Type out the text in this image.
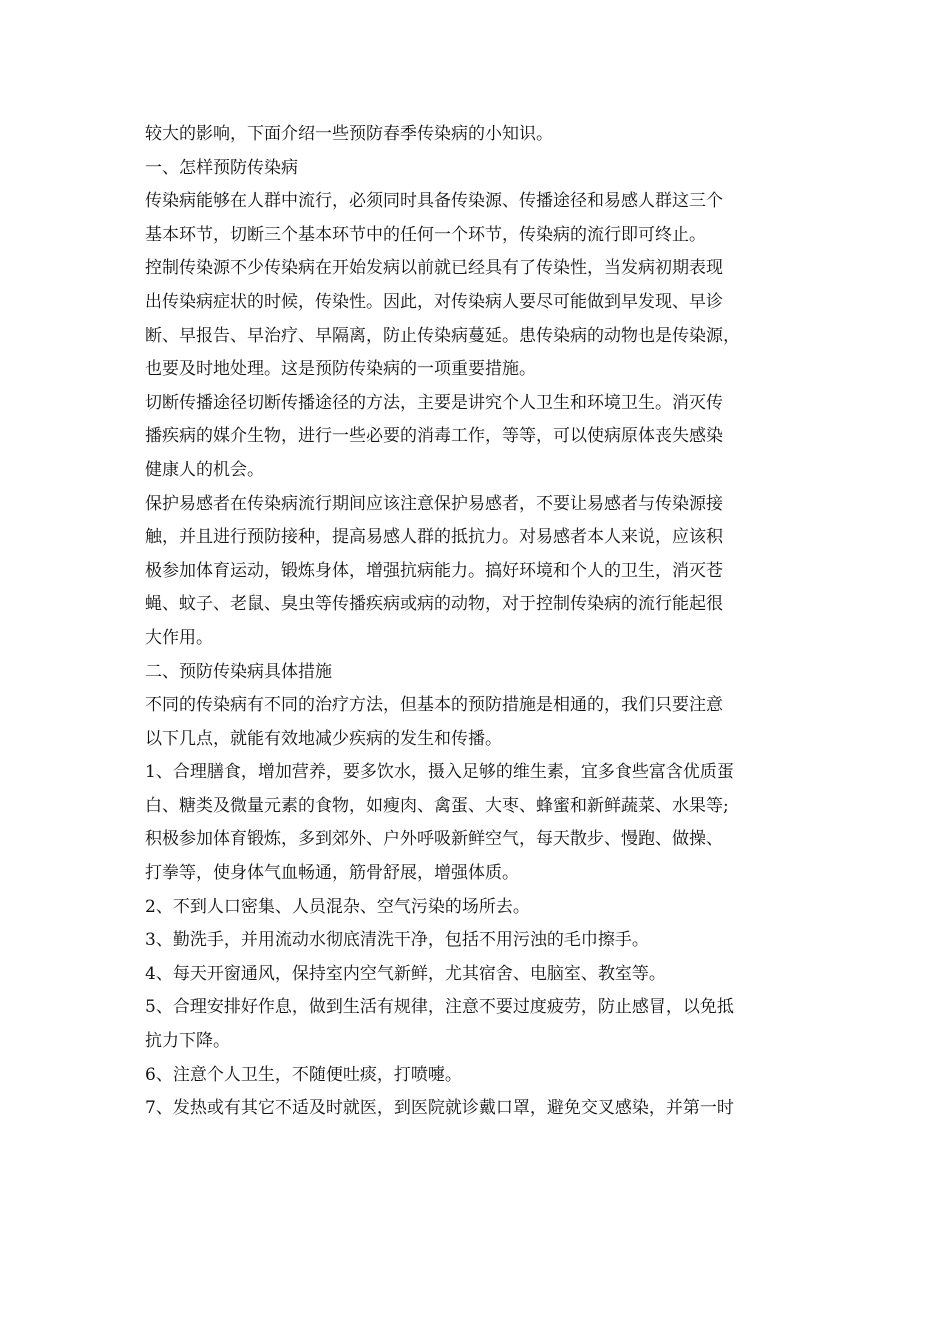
较大的影响，下面介绍一些预防春季传染病的小知识。

一、怎样预防传染病

传染病能够在人群中流行，必须同时具备传染源、传播途径和易感人群这三个
基本环节，切断三个基本环节中的任何一个环节，传染病的流行即可终止。

控制传染源不少传染病在开始发病以前就已经具有了传染性，当发病初期表现
出传染病症状的时候，传染性。因此，对传染病人要尽可能做到早发现、早诊
断、早报告、早治疗、早隔离，防止传染病蔓延。患传染病的动物也是传染源，
也要及时地处理。这是预防传染病的一项重要措施。

切断传播途径切断传播途径的方法，主要是讲究个人卫生和环境卫生。消灭传
播疾病的媒介生物，进行一些必要的消毒工作，等等，可以使病原体丧失感染
健康人的机会。

保护易感者在传染病流行期间应该注意保护易感者，不要让易感者与传染源接
触，并且进行预防接种，提高易感人群的抵抗力。对易感者本人来说，应该积
极参加体育运动，锻炼身体，增强抗病能力。搞好环境和个人的卫生，消灭苍
蝇、蚊子、老鼠、臭虫等传播疾病或病的动物，对于控制传染病的流行能起很
大作用。

二、预防传染病具体措施

不同的传染病有不同的治疗方法，但基本的预防措施是相通的，我们只要注意
以下几点，就能有效地减少疾病的发生和传播。

1、合理膳食，增加营养，要多饮水，摄入足够的维生素，宜多食些富含优质蛋
白、糖类及微量元素的食物，如瘦肉、禽蛋、大枣、蜂蜜和新鲜蔬菜、水果等;
积极参加体育锻炼，多到郊外、户外呼吸新鲜空气，每天散步、慢跑、做操、
打拳等，使身体气血畅通，筋骨舒展，增强体质。

2、不到人口密集、人员混杂、空气污染的场所去。

3、勤洗手，并用流动水彻底清洗干净，包括不用污浊的毛巾擦手。

4、每天开窗通风，保持室内空气新鲜，尤其宿舍、电脑室、教室等。

5、合理安排好作息，做到生活有规律，注意不要过度疲劳，防止感冒，以免抵
抗力下降。

6、注意个人卫生，不随便吐痰，打喷嚏。

7、发热或有其它不适及时就医，到医院就诊戴口罩，避免交叉感染，并第一时
